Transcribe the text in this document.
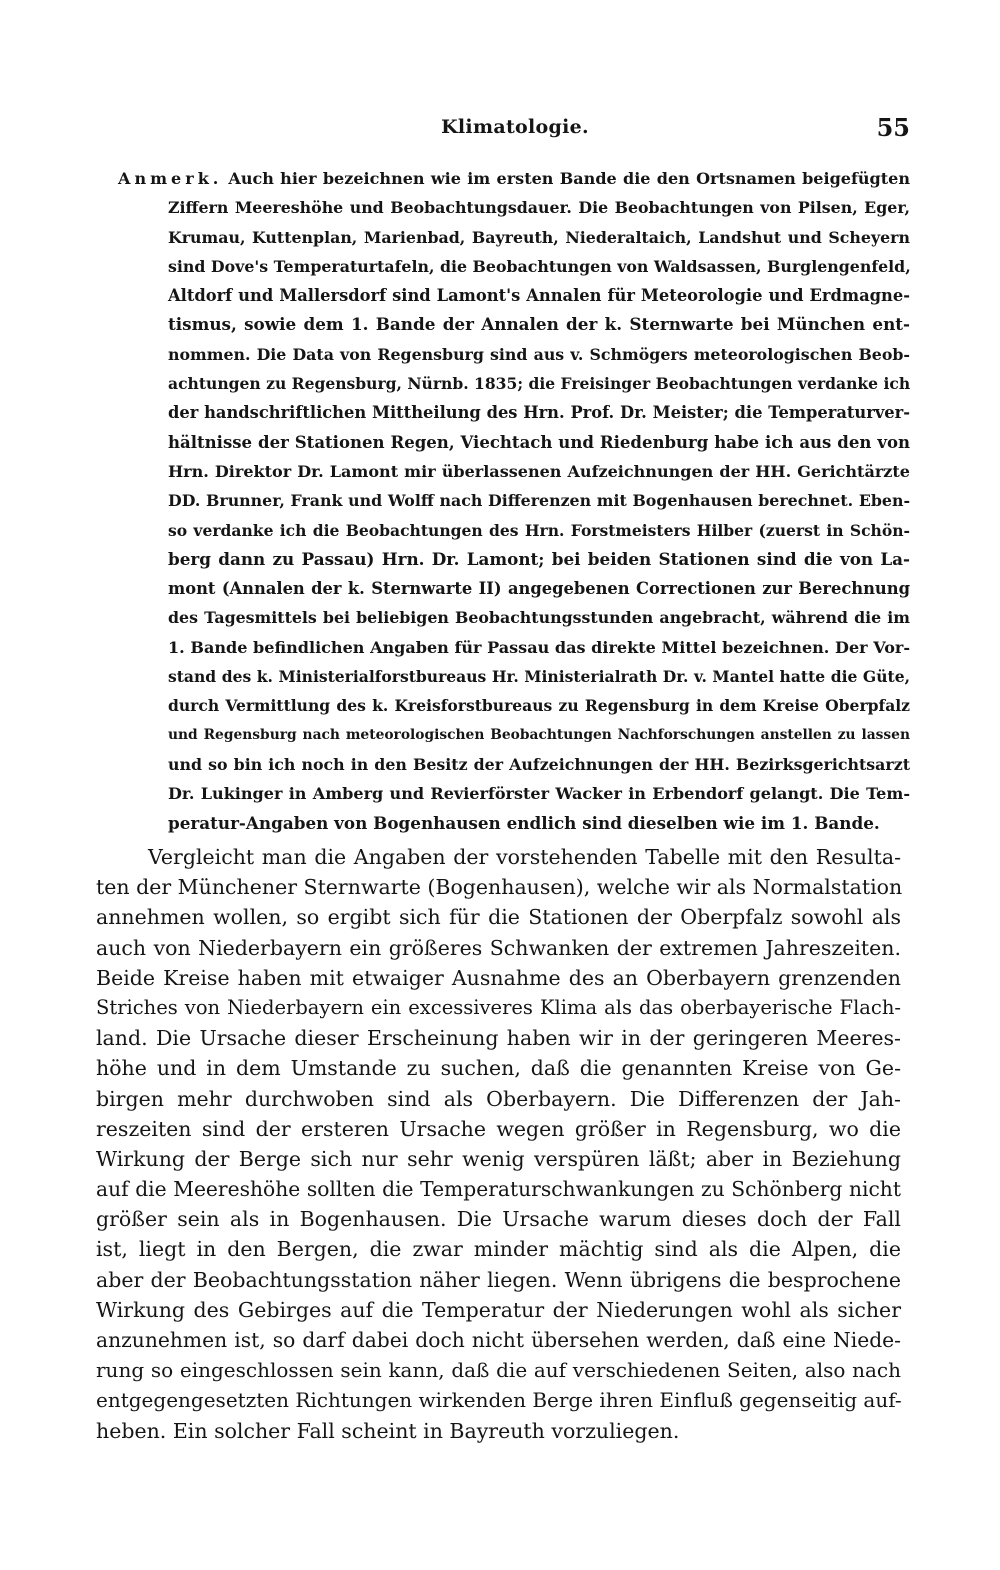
Klimatologie.	55
Anmerk. Auch hier bezeichnen wie im ersten Bande die den Ortsnamen beigefügten
Ziffern Meereshöhe und Beobachtungsdauer. Die Beobachtungen von Pilsen, Eger,
Krumau, Kuttenplan, Marienbad, Bayreuth, Niederaltaich, Landshut und Scheyern
sind Dove's Temperaturtafeln, die Beobachtungen von Waldsassen, Burglengenfeld,
Altdorf und Mallersdorf sind Lamont's Annalen für Meteorologie und Erdmagne-
tismus, sowie dem 1. Bande der Annalen der k. Sternwarte bei München ent-
nommen. Die Data von Regensburg sind aus v. Schmögers meteorologischen Beob-
achtungen zu Regensburg, Nürnb. 1835; die Freisinger Beobachtungen verdanke ich
der handschriftlichen Mittheilung des Hrn. Prof. Dr. Meister; die Temperaturver-
hältnisse der Stationen Regen, Viechtach und Riedenburg habe ich aus den von
Hrn. Direktor Dr. Lamont mir überlassenen Aufzeichnungen der HH. Gerichtärzte
DD. Brunner, Frank und Wolff nach Differenzen mit Bogenhausen berechnet. Eben-
so verdanke ich die Beobachtungen des Hrn. Forstmeisters Hilber (zuerst in Schön-
berg dann zu Passau) Hrn. Dr. Lamont; bei beiden Stationen sind die von La-
mont (Annalen der k. Sternwarte II) angegebenen Correctionen zur Berechnung
des Tagesmittels bei beliebigen Beobachtungsstunden angebracht, während die im
1. Bande befindlichen Angaben für Passau das direkte Mittel bezeichnen. Der Vor-
stand des k. Ministerialforstbureaus Hr. Ministerialrath Dr. v. Mantel hatte die Güte,
durch Vermittlung des k. Kreisforstbureaus zu Regensburg in dem Kreise Oberpfalz
und Regensburg nach meteorologischen Beobachtungen Nachforschungen anstellen zu lassen
und so bin ich noch in den Besitz der Aufzeichnungen der HH. Bezirksgerichtsarzt
Dr. Lukinger in Amberg und Revierförster Wacker in Erbendorf gelangt. Die Tem-
peratur-Angaben von Bogenhausen endlich sind dieselben wie im 1. Bande.
Vergleicht man die Angaben der vorstehenden Tabelle mit den Resulta-
ten der Münchener Sternwarte (Bogenhausen), welche wir als Normalstation
annehmen wollen, so ergibt sich für die Stationen der Oberpfalz sowohl als
auch von Niederbayern ein größeres Schwanken der extremen Jahreszeiten.
Beide Kreise haben mit etwaiger Ausnahme des an Oberbayern grenzenden
Striches von Niederbayern ein excessiveres Klima als das oberbayerische Flach-
land. Die Ursache dieser Erscheinung haben wir in der geringeren Meeres-
höhe und in dem Umstande zu suchen, daß die genannten Kreise von Ge-
birgen mehr durchwoben sind als Oberbayern. Die Differenzen der Jah-
reszeiten sind der ersteren Ursache wegen größer in Regensburg, wo die
Wirkung der Berge sich nur sehr wenig verspüren läßt; aber in Beziehung
auf die Meereshöhe sollten die Temperaturschwankungen zu Schönberg nicht
größer sein als in Bogenhausen. Die Ursache warum dieses doch der Fall
ist, liegt in den Bergen, die zwar minder mächtig sind als die Alpen, die
aber der Beobachtungsstation näher liegen. Wenn übrigens die besprochene
Wirkung des Gebirges auf die Temperatur der Niederungen wohl als sicher
anzunehmen ist, so darf dabei doch nicht übersehen werden, daß eine Niede-
rung so eingeschlossen sein kann, daß die auf verschiedenen Seiten, also nach
entgegengesetzten Richtungen wirkenden Berge ihren Einfluß gegenseitig auf-
heben. Ein solcher Fall scheint in Bayreuth vorzuliegen.
